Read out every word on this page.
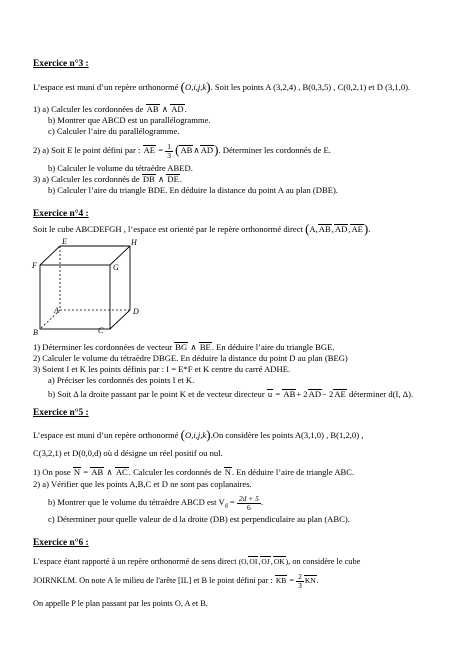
Exercice n°3 :
L’espace est muni d’un repère orthonormé (O,i,j,k). Soit les points A (3,2,4) , B(0,3,5) , C(0,2,1) et D (3,1,0).
1) a) Calculer les cordonnées de AB ∧ AD.
b) Montrer que ABCD est un parallélogramme.
c) Calculer l’aire du parallélogramme.
2) a) Soit E le point défini par : AE = $\frac{1}{3}$ (AB∧AD). Déterminer les cordonnés de E.
b) Calculer le volume du tétraèdre ABED.
3) a) Calculer les cordonnés de DB ∧ DE.
b) Calculer l’aire du triangle BDE. En déduire la distance du point A au plan (DBE).
Exercice n°4 :
Soit le cube ABCDEFGH , l’espace est orienté par le repère orthonormé direct (A,AB,AD,AE).
E	H
F	G
A	D
B	C
1) Déterminer les cordonnées de vecteur BG ∧ BE. En déduire l’aire du triangle BGE.
2) Calculer le volume du tétraèdre DBGE. En déduire la distance du point D au plan (BEG)
3) Soient I et K les points définis par : I = E*F et K centre du carré ADHE.
a) Préciser les cordonnés des points I et K.
b) Soit Δ la droite passant par le point K et de vecteur directeur u = AB+ 2AD− 2AE déterminer d(I, Δ).
Exercice n°5 :
L’espace est muni d’un repère orthonormé (O,i,j,k).On considère les points A(3,1,0) , B(1,2,0) ,
C(3,2,1) et D(0,0,d) où d désigne un réel positif ou nul.
1) On pose N = AB ∧ AC. Calculer les cordonnés de N. En déduire l’aire de triangle ABC.
2) a) Vérifier que les points A,B,C et D ne sont pas coplanaires.
b) Montrer que le volume du tétraèdre ABCD est $V_d = \frac{2d + 5}{6}$ .
c) Déterminer pour quelle valeur de d la droite (DB) est perpendiculaire au plan (ABC).
Exercice n°6 :
L'espace étant rapporté à un repère orthonormé de sens direct (O,OI,OJ,OK), on considère le cube
JOIRNKLM. On note A le milieu de l'arête [IL] et B le point défini par : KB = $\frac{2}{3}$ KN.
On appelle P le plan passant par les points O, A et B.
